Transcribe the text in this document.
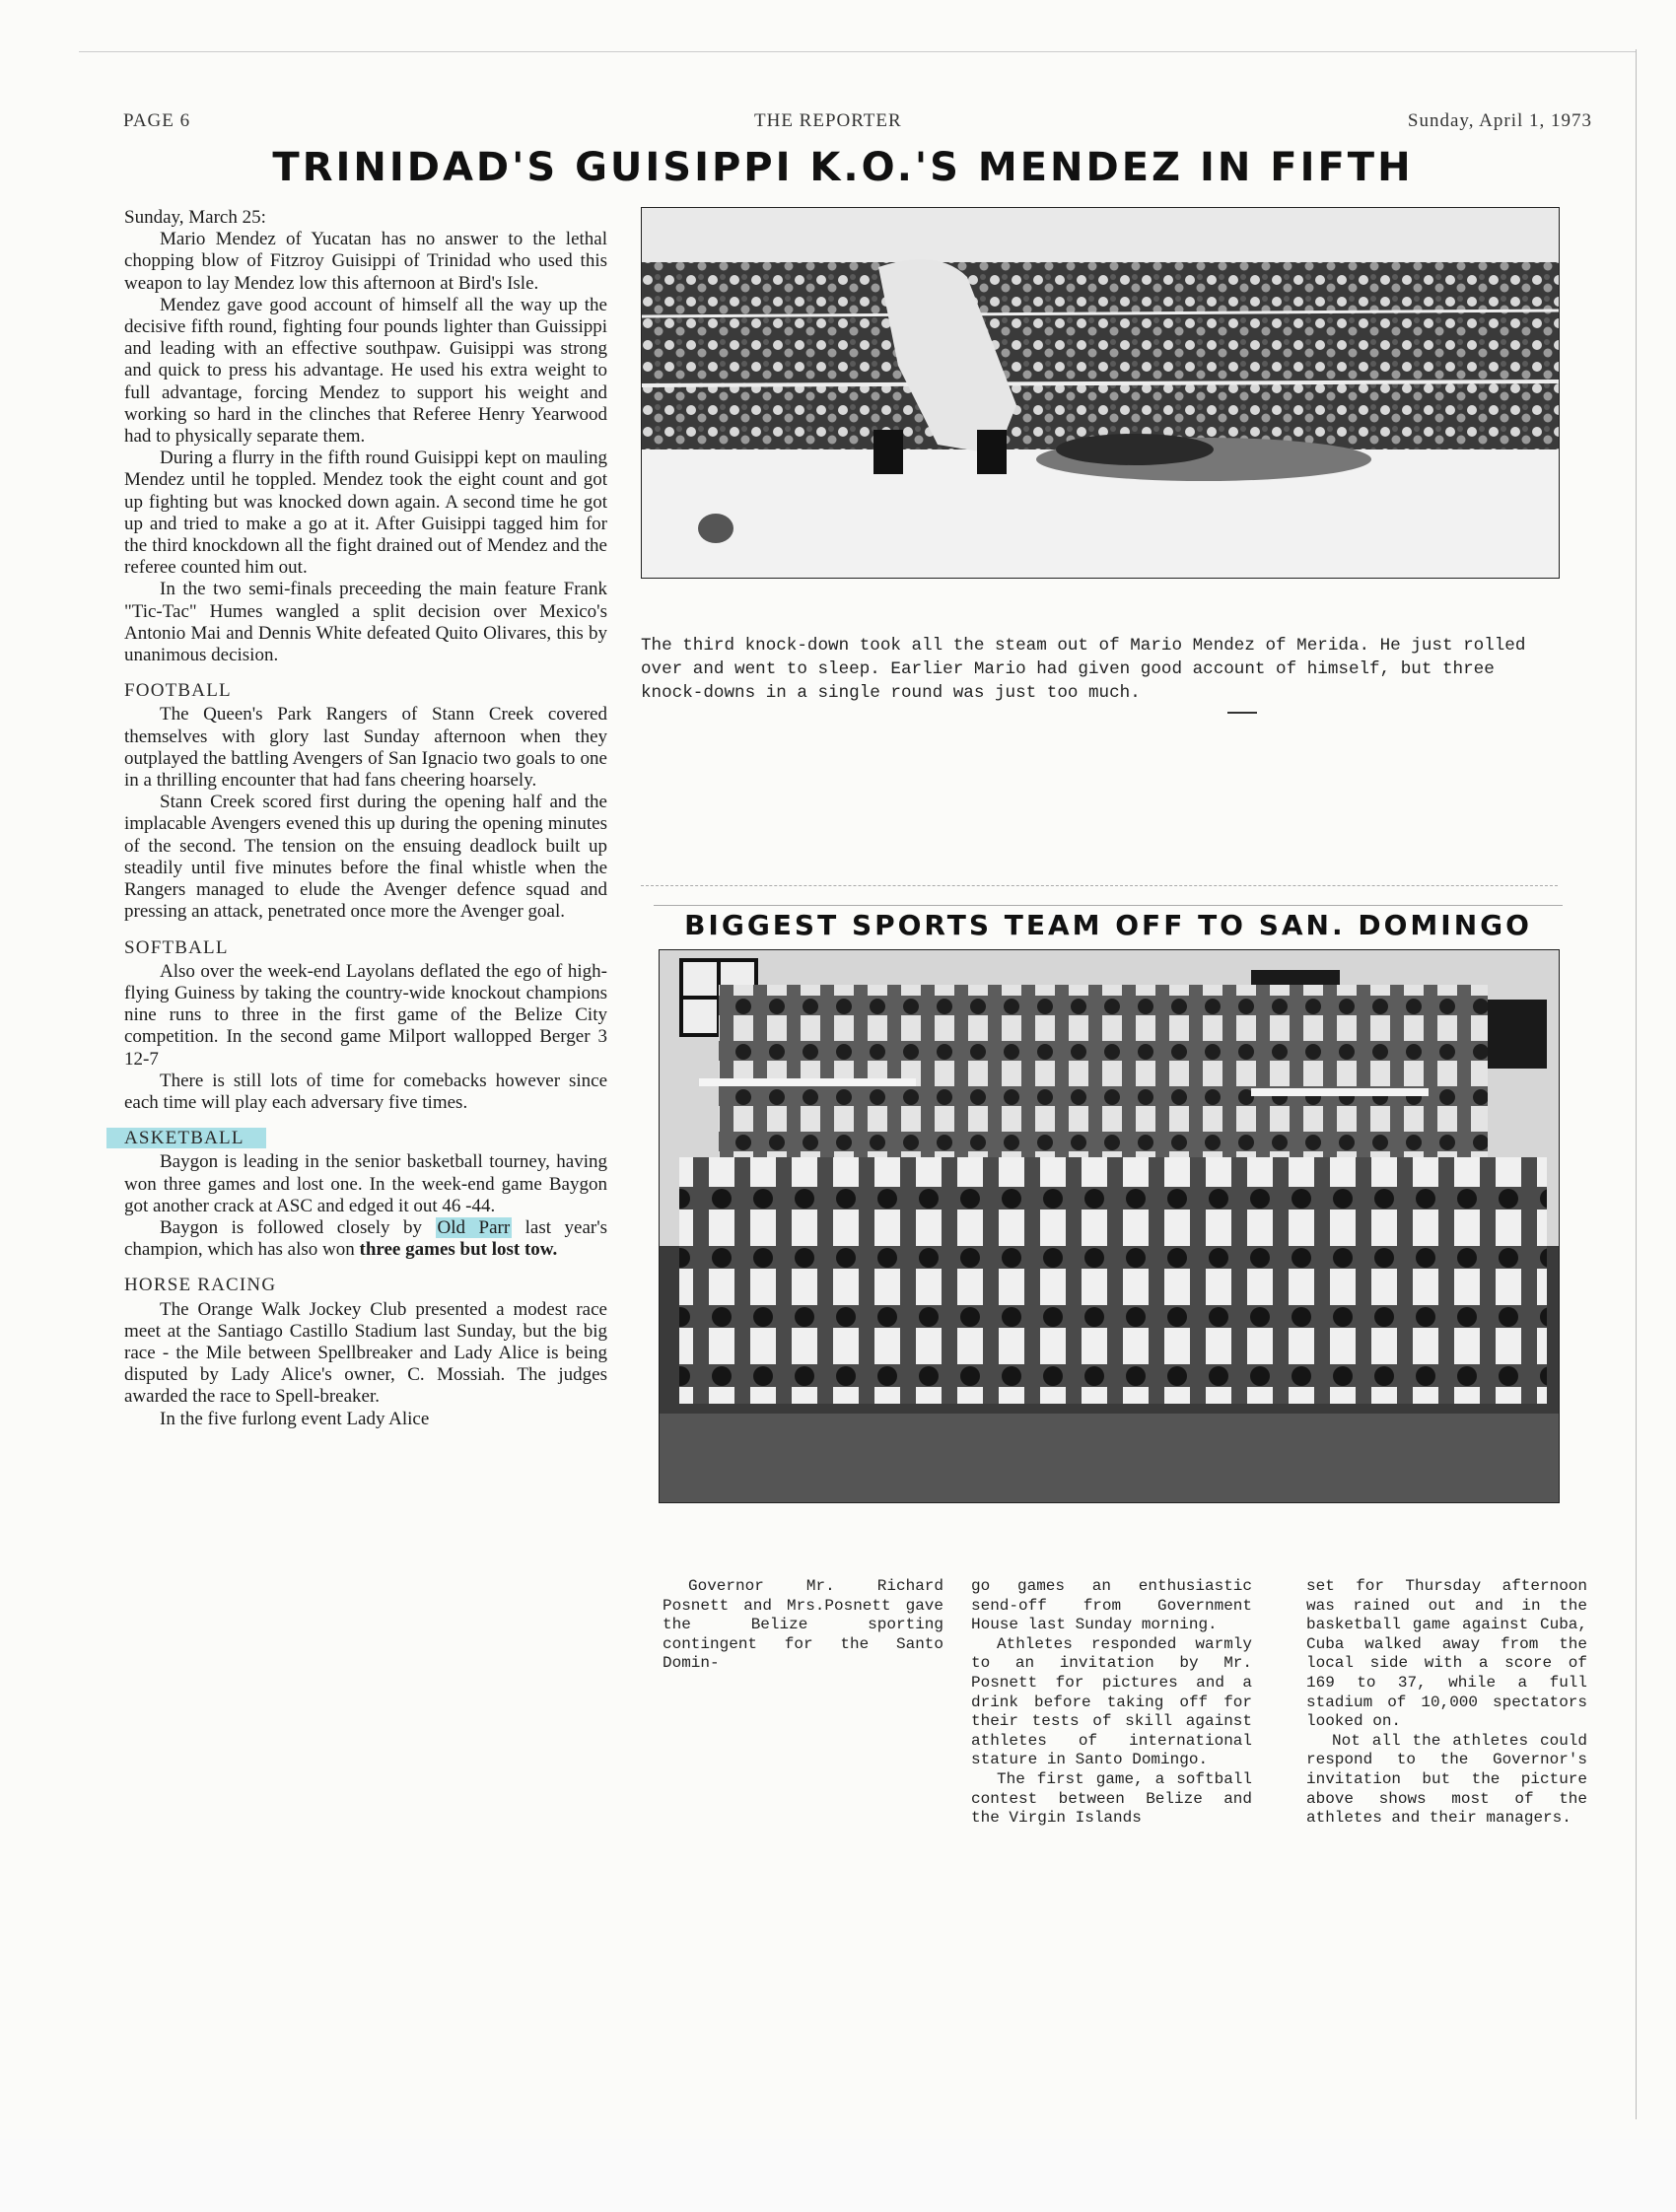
PAGE 6	THE REPORTER	Sunday, April 1, 1973
TRINIDAD'S GUISIPPI K.O.'S MENDEZ IN FIFTH

Sunday, March 25:

Mario Mendez of Yucatan has no answer to the lethal chopping blow of Fitzroy Guisippi of Trinidad who used this weapon to lay Mendez low this afternoon at Bird's Isle.

Mendez gave good account of himself all the way up the decisive fifth round, fighting four pounds lighter than Guissippi and leading with an effective southpaw. Guisippi was strong and quick to press his advantage. He used his extra weight to full advantage, forcing Mendez to support his weight and working so hard in the clinches that Referee Henry Yearwood had to physically separate them.

During a flurry in the fifth round Guisippi kept on mauling Mendez until he toppled. Mendez took the eight count and got up fighting but was knocked down again. A second time he got up and tried to make a go at it. After Guisippi tagged him for the third knockdown all the fight drained out of Mendez and the referee counted him out.

In the two semi-finals preceeding the main feature Frank "Tic-Tac" Humes wangled a split decision over Mexico's Antonio Mai and Dennis White defeated Quito Olivares, this by unanimous decision.

FOOTBALL

The Queen's Park Rangers of Stann Creek covered themselves with glory last Sunday afternoon when they outplayed the battling Avengers of San Ignacio two goals to one in a thrilling encounter that had fans cheering hoarsely.

Stann Creek scored first during the opening half and the implacable Avengers evened this up during the opening minutes of the second. The tension on the ensuing deadlock built up steadily until five minutes before the final whistle when the Rangers managed to elude the Avenger defence squad and pressing an attack, penetrated once more the Avenger goal.

SOFTBALL

Also over the week-end Layolans deflated the ego of high-flying Guiness by taking the country-wide knockout champions nine runs to three in the first game of the Belize City competition. In the second game Milport wallopped Berger 3 12-7

There is still lots of time for comebacks however since each time will play each adversary five times.

ASKETBALL

Baygon is leading in the senior basketball tourney, having won three games and lost one. In the week-end game Baygon got another crack at ASC and edged it out 46 -44.

Baygon is followed closely by Old Parr last year's champion, which has also won three games but lost tow.

HORSE RACING

The Orange Walk Jockey Club presented a modest race meet at the Santiago Castillo Stadium last Sunday, but the big race - the Mile between Spellbreaker and Lady Alice is being disputed by Lady Alice's owner, C. Mossiah. The judges awarded the race to Spell-breaker.

In the five furlong event Lady Alice

The third knock-down took all the steam out of Mario Mendez of Merida. He just rolled over and went to sleep. Earlier Mario had given good account of himself, but three knock-downs in a single round was just too much.
BIGGEST SPORTS TEAM OFF TO SAN. DOMINGO

Governor Mr. Richard Posnett and Mrs.Posnett gave the Belize sporting contingent for the Santo Domin-

go games an enthusiastic send-off from Government House last Sunday morning.

Athletes responded warmly to an invitation by Mr. Posnett for pictures and a drink before taking off for their tests of skill against athletes of international stature in Santo Domingo.

The first game, a softball contest between Belize and the Virgin Islands

set for Thursday afternoon was rained out and in the basketball game against Cuba, Cuba walked away from the local side with a score of 169 to 37, while a full stadium of 10,000 spectators looked on.

Not all the athletes could respond to the Governor's invitation but the picture above shows most of the athletes and their managers.
